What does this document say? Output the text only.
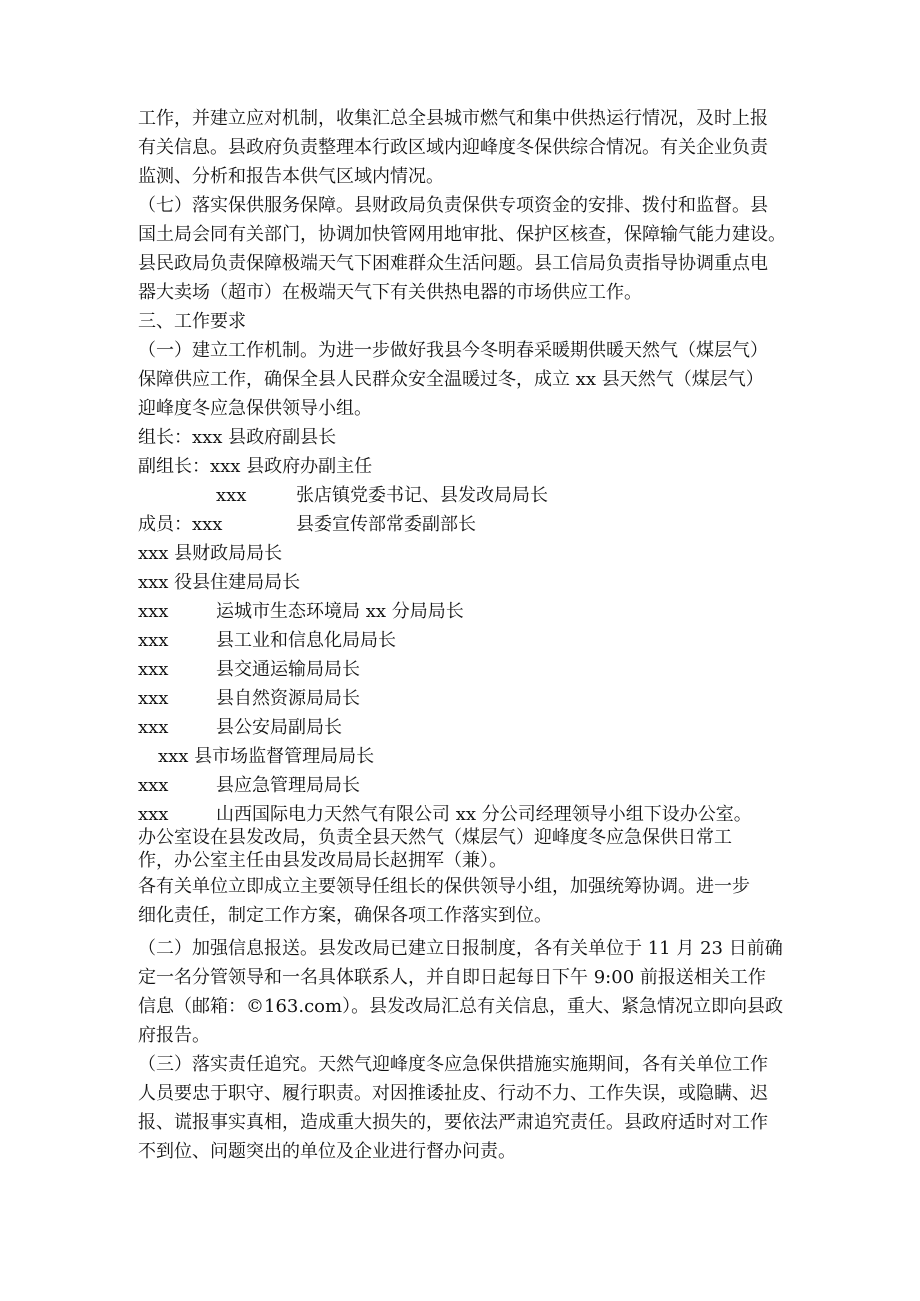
工作，并建立应对机制，收集汇总全县城市燃气和集中供热运行情况，及时上报
有关信息。县政府负责整理本行政区域内迎峰度冬保供综合情况。有关企业负责
监测、分析和报告本供气区域内情况。
（七）落实保供服务保障。县财政局负责保供专项资金的安排、拨付和监督。县
国土局会同有关部门，协调加快管网用地审批、保护区核查，保障输气能力建设。
县民政局负责保障极端天气下困难群众生活问题。县工信局负责指导协调重点电
器大卖场（超市）在极端天气下有关供热电器的市场供应工作。
三、工作要求
（一）建立工作机制。为进一步做好我县今冬明春采暖期供暖天然气（煤层气）
保障供应工作，确保全县人民群众安全温暖过冬，成立 xx 县天然气（煤层气）
迎峰度冬应急保供领导小组。
组长：xxx 县政府副县长
副组长：xxx 县政府办副主任
xxx	张店镇党委书记、县发改局局长
成员：xxx	县委宣传部常委副部长
xxx 县财政局局长
xxx 役县住建局局长
xxx	运城市生态环境局 xx 分局局长
xxx	县工业和信息化局局长
xxx	县交通运输局局长
xxx	县自然资源局局长
xxx	县公安局副局长
xxx 县市场监督管理局局长
xxx	县应急管理局局长
xxx	山西国际电力天然气有限公司 xx 分公司经理领导小组下设办公室。
办公室设在县发改局，负责全县天然气（煤层气）迎峰度冬应急保供日常工
作，办公室主任由县发改局局长赵拥军（兼）。
各有关单位立即成立主要领导任组长的保供领导小组，加强统筹协调。进一步
细化责任，制定工作方案，确保各项工作落实到位。
（二）加强信息报送。县发改局已建立日报制度，各有关单位于 11 月 23 日前确
定一名分管领导和一名具体联系人，并自即日起每日下午 9:00 前报送相关工作
信息（邮箱：©163.com）。县发改局汇总有关信息，重大、紧急情况立即向县政
府报告。
（三）落实责任追究。天然气迎峰度冬应急保供措施实施期间，各有关单位工作
人员要忠于职守、履行职责。对因推诿扯皮、行动不力、工作失误，或隐瞒、迟
报、谎报事实真相，造成重大损失的，要依法严肃追究责任。县政府适时对工作
不到位、问题突出的单位及企业进行督办问责。
